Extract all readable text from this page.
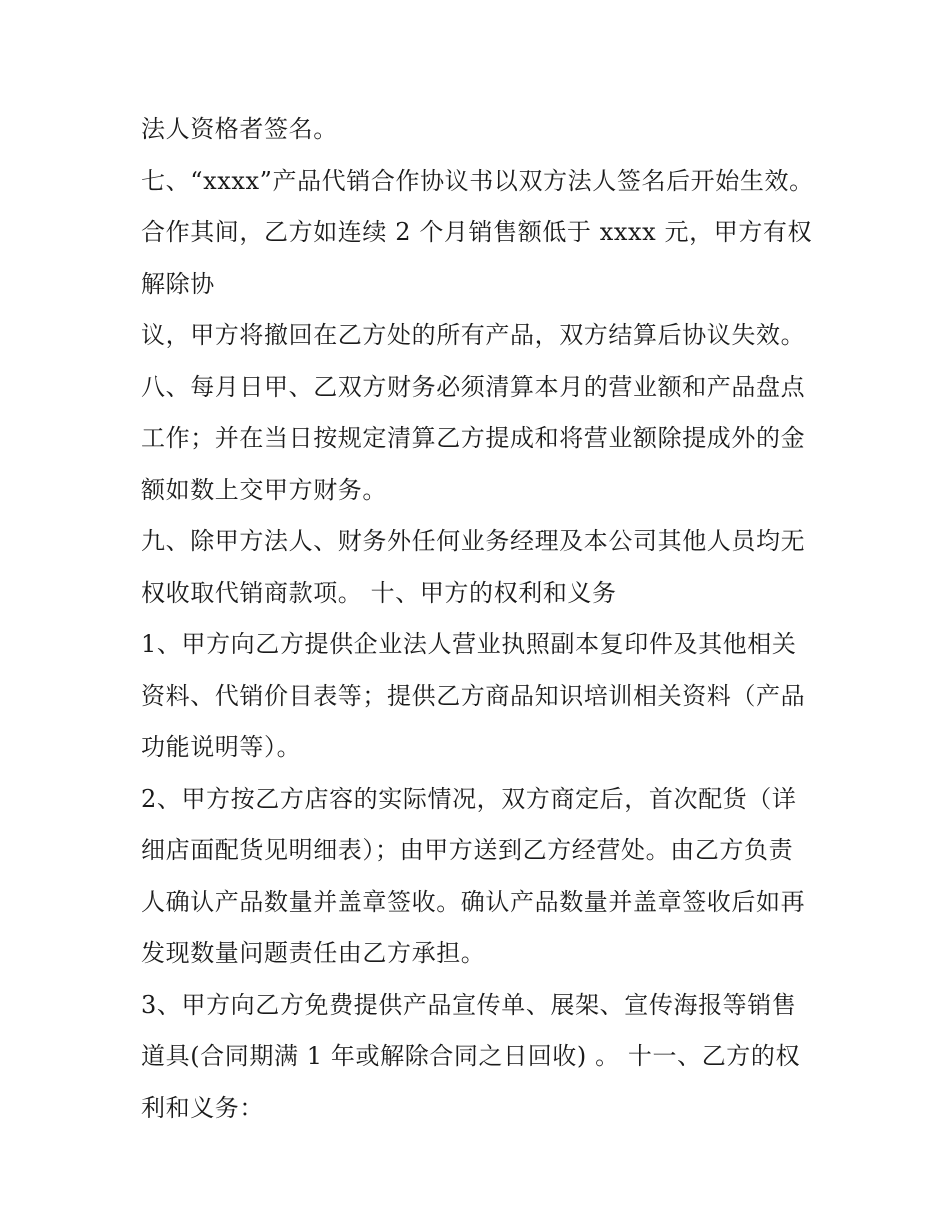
法人资格者签名。
七、“xxxx”产品代销合作协议书以双方法人签名后开始生效。
合作其间，乙方如连续 2 个月销售额低于 xxxx 元，甲方有权
解除协
议，甲方将撤回在乙方处的所有产品，双方结算后协议失效。
八、每月日甲、乙双方财务必须清算本月的营业额和产品盘点
工作；并在当日按规定清算乙方提成和将营业额除提成外的金
额如数上交甲方财务。
九、除甲方法人、财务外任何业务经理及本公司其他人员均无
权收取代销商款项。 十、甲方的权利和义务
1、甲方向乙方提供企业法人营业执照副本复印件及其他相关
资料、代销价目表等；提供乙方商品知识培训相关资料（产品
功能说明等）。
2、甲方按乙方店容的实际情况，双方商定后，首次配货（详
细店面配货见明细表）；由甲方送到乙方经营处。由乙方负责
人确认产品数量并盖章签收。确认产品数量并盖章签收后如再
发现数量问题责任由乙方承担。
3、甲方向乙方免费提供产品宣传单、展架、宣传海报等销售
道具(合同期满 1 年或解除合同之日回收) 。 十一、乙方的权
利和义务：
